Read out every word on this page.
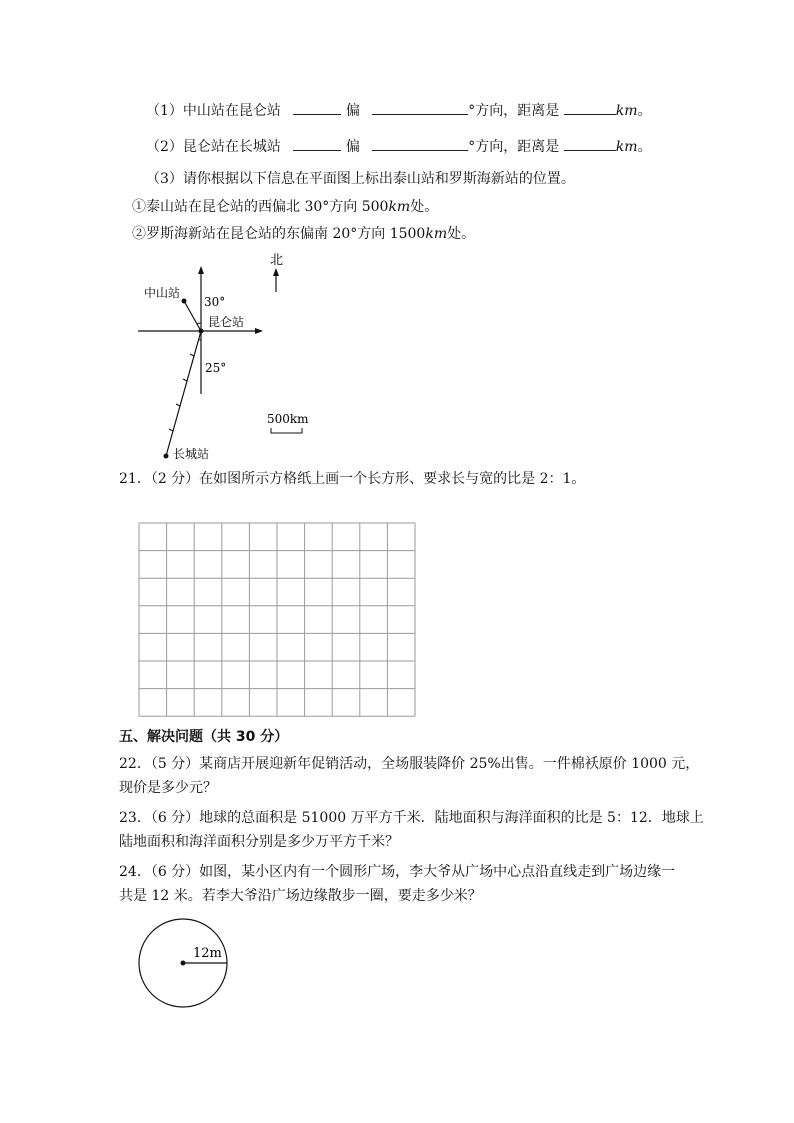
（1）中山站在昆仑站	偏	°方向，距离是	km。
（2）昆仑站在长城站	偏	°方向，距离是	km。
（3）请你根据以下信息在平面图上标出泰山站和罗斯海新站的位置。
①泰山站在昆仑站的西偏北 30°方向 500km处。
②罗斯海新站在昆仑站的东偏南 20°方向 1500km处。
北
中山站
30°
昆仑站
长城站
25°
500km
21．（2 分）在如图所示方格纸上画一个长方形、要求长与宽的比是 2：1。
五、解决问题（共 30 分）
22．（5 分）某商店开展迎新年促销活动，全场服装降价 25%出售。一件棉袄原价 1000 元，
现价是多少元？
23．（6 分）地球的总面积是 51000 万平方千米．陆地面积与海洋面积的比是 5：12．地球上
陆地面积和海洋面积分别是多少万平方千米？
24．（6 分）如图，某小区内有一个圆形广场，李大爷从广场中心点沿直线走到广场边缘一
共是 12 米。若李大爷沿广场边缘散步一圈，要走多少米？
12m
